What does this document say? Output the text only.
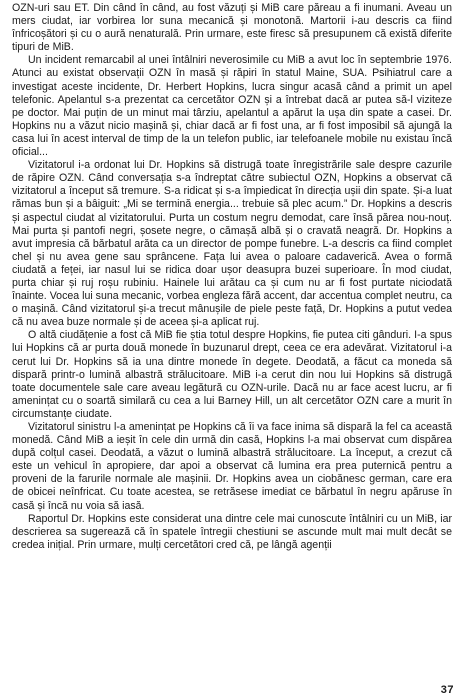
OZN-uri sau ET. Din când în când, au fost văzuți și MiB care păreau a fi inumani. Aveau un mers ciudat, iar vorbirea lor suna mecanică și monotonă. Martorii i-au descris ca fiind înfricoșători și cu o aură nenaturală. Prin urmare, este firesc să presupunem că există diferite tipuri de MiB.

Un incident remarcabil al unei întâlniri neverosimile cu MiB a avut loc în septembrie 1976. Atunci au existat observații OZN în masă și răpiri în statul Maine, SUA. Psihiatrul care a investigat aceste incidente, Dr. Herbert Hopkins, lucra singur acasă când a primit un apel telefonic. Apelantul s-a prezentat ca cercetător OZN și a întrebat dacă ar putea să-l viziteze pe doctor. Mai puțin de un minut mai târziu, apelantul a apărut la ușa din spate a casei. Dr. Hopkins nu a văzut nicio mașină și, chiar dacă ar fi fost una, ar fi fost imposibil să ajungă la casa lui în acest interval de timp de la un telefon public, iar telefoanele mobile nu existau încă oficial...

Vizitatorul i-a ordonat lui Dr. Hopkins să distrugă toate înregistrările sale despre cazurile de răpire OZN. Când conversația s-a îndreptat către subiectul OZN, Hopkins a observat că vizitatorul a început să tremure. S-a ridicat și s-a împiedicat în direcția ușii din spate. Și-a luat rămas bun și a bâiguit: „Mi se termină energia... trebuie să plec acum.” Dr. Hopkins a descris și aspectul ciudat al vizitatorului. Purta un costum negru demodat, care însă părea nou-nouț. Mai purta și pantofi negri, șosete negre, o cămașă albă și o cravată neagră. Dr. Hopkins a avut impresia că bărbatul arăta ca un director de pompe funebre. L-a descris ca fiind complet chel și nu avea gene sau sprâncene. Fața lui avea o paloare cadaverică. Avea o formă ciudată a feței, iar nasul lui se ridica doar ușor deasupra buzei superioare. În mod ciudat, purta chiar și ruj roșu rubiniu. Hainele lui arătau ca și cum nu ar fi fost purtate niciodată înainte. Vocea lui suna mecanic, vorbea engleza fără accent, dar accentua complet neutru, ca o mașină. Când vizitatorul și-a trecut mânușile de piele peste față, Dr. Hopkins a putut vedea că nu avea buze normale și de aceea și-a aplicat ruj.

O altă ciudățenie a fost că MiB fie știa totul despre Hopkins, fie putea citi gânduri. I-a spus lui Hopkins că ar purta două monede în buzunarul drept, ceea ce era adevărat. Vizitatorul i-a cerut lui Dr. Hopkins să ia una dintre monede în degete. Deodată, a făcut ca moneda să dispară printr-o lumină albastră strălucitoare. MiB i-a cerut din nou lui Hopkins să distrugă toate documentele sale care aveau legătură cu OZN-urile. Dacă nu ar face acest lucru, ar fi amenințat cu o soartă similară cu cea a lui Barney Hill, un alt cercetător OZN care a murit în circumstanțe ciudate.

Vizitatorul sinistru l-a amenințat pe Hopkins că îi va face inima să dispară la fel ca această monedă. Când MiB a ieșit în cele din urmă din casă, Hopkins l-a mai observat cum dispărea după colțul casei. Deodată, a văzut o lumină albastră strălucitoare. La început, a crezut că este un vehicul în apropiere, dar apoi a observat că lumina era prea puternică pentru a proveni de la farurile normale ale mașinii. Dr. Hopkins avea un ciobănesc german, care era de obicei neînfricat. Cu toate acestea, se retrăsese imediat ce bărbatul în negru apăruse în casă și încă nu voia să iasă.

Raportul Dr. Hopkins este considerat una dintre cele mai cunoscute întâlniri cu un MiB, iar descrierea sa sugerează că în spatele întregii chestiuni se ascunde mult mai mult decât se credea inițial. Prin urmare, mulți cercetători cred că, pe lângă agenții

37
